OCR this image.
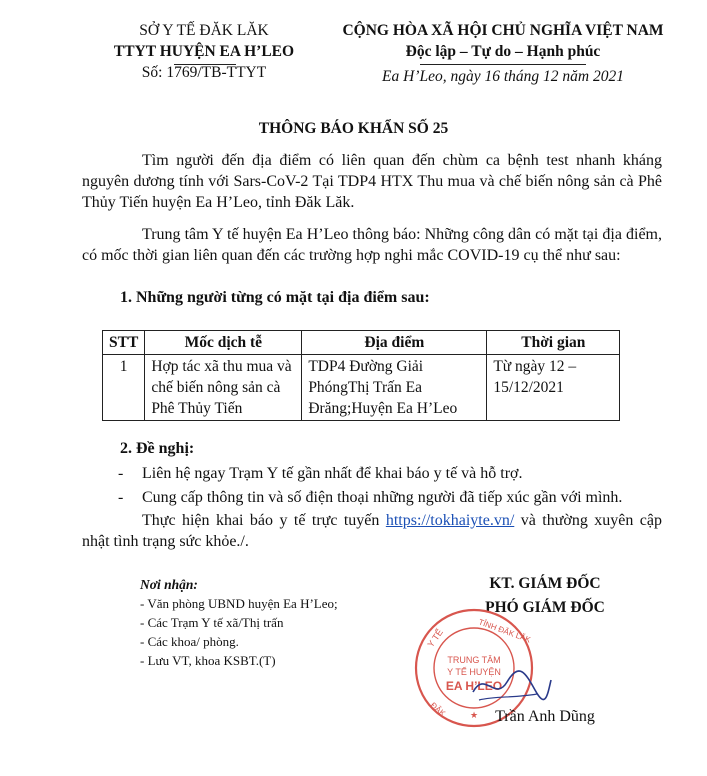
SỞ Y TẾ ĐĂK LĂK
TTYT HUYỆN EA H’LEO
Số: 1769/TB-TTYT
CỘNG HÒA XÃ HỘI CHỦ NGHĨA VIỆT NAM
Độc lập – Tự do – Hạnh phúc
Ea H’Leo, ngày 16 tháng 12 năm 2021
THÔNG BÁO KHẨN SỐ 25
Tìm người đến địa điểm có liên quan đến chùm ca bệnh test nhanh kháng nguyên dương tính với Sars-CoV-2 Tại TDP4 HTX Thu mua và chế biến nông sản cà Phê Thủy Tiến huyện Ea H’Leo, tỉnh Đăk Lăk.
Trung tâm Y tế huyện Ea H’Leo thông báo: Những công dân có mặt tại địa điểm, có mốc thời gian liên quan đến các trường hợp nghi mắc COVID-19 cụ thể như sau:
1. Những người từng có mặt tại địa điểm sau:
STT	Mốc dịch tễ	Địa điểm	Thời gian
1	Hợp tác xã thu mua và chế biến nông sản cà Phê Thủy Tiến	TDP4 Đường Giải PhóngThị Trấn Ea Đrăng;Huyện Ea H’Leo	Từ ngày 12 – 15/12/2021
2. Đề nghị:
- Liên hệ ngay Trạm Y tế gần nhất để khai báo y tế và hỗ trợ.
- Cung cấp thông tin và số điện thoại những người đã tiếp xúc gần với mình.
Thực hiện khai báo y tế trực tuyến https://tokhaiyte.vn/ và thường xuyên cập nhật tình trạng sức khỏe./.
Nơi nhận:
- Văn phòng UBND huyện Ea H’Leo;
- Các Trạm Y tế xã/Thị trấn
- Các khoa/ phòng.
- Lưu VT, khoa KSBT.(T)
KT. GIÁM ĐỐC
PHÓ GIÁM ĐỐC
Y TẾ	TỈNH ĐĂK LĂK
TRUNG TÂM
Y TẾ HUYỆN
EA H’LEO
ĐĂK	★	Trần Anh Dũng
